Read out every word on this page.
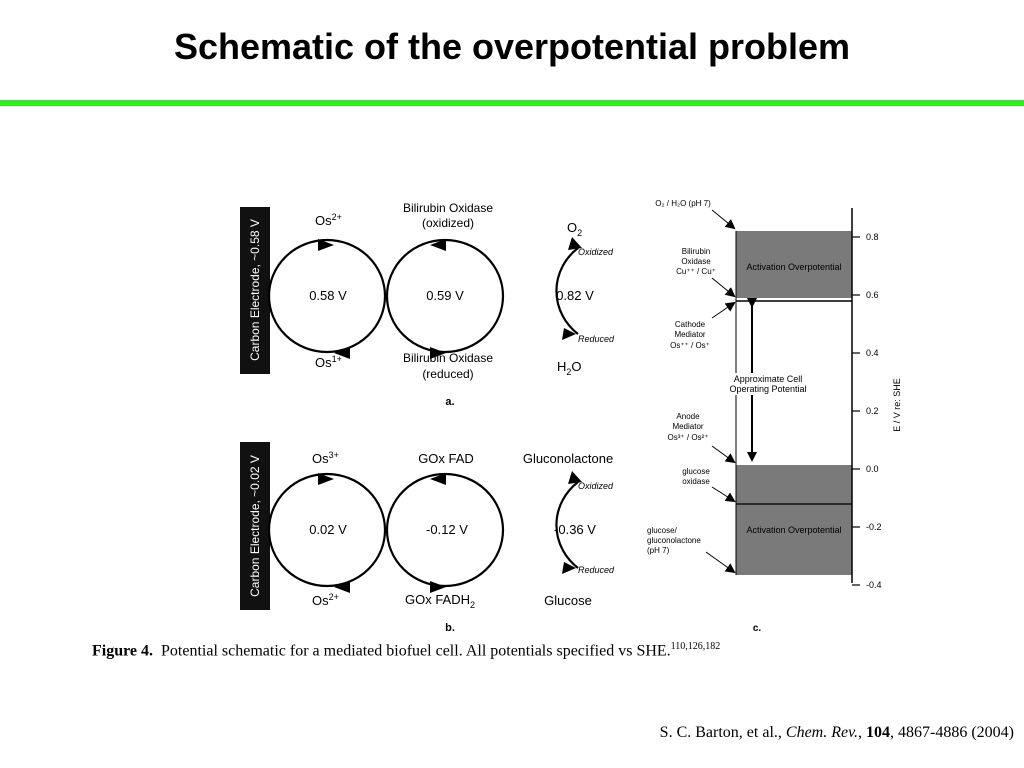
Schematic of the overpotential problem
Carbon Electrode, ~0.58 V	$Os^{2+}$
$Os^{1+}$
Bilirubin Oxidase
(oxidized)
Bilirubin Oxidase
(reduced)
$O_2$
$H_2O$
Oxidized
Reduced
0.58 V	0.59 V	0.82 V
a.
Carbon Electrode, ~0.02 V	$Os^{3+}$
$Os^{2+}$
GOx FAD
GOx $FADH_2$
Gluconolactone
Glucose
Oxidized
Reduced
0.02 V	-0.12 V	-0.36 V
b.
Activation Overpotential
Activation Overpotential
Approximate Cell
Operating Potential
0.8
0.6
0.4
0.2
0.0
-0.2
-0.4
E / V re: SHE
O₂ / H₂O (pH 7)
Bilirubin
Oxidase
Cu⁺⁺ / Cu⁺
Cathode
Mediator
Os⁺⁺ / Os⁺
Anode
Mediator
Os³⁺ / Os²⁺
glucose
oxidase
glucose/
gluconolactone
(pH 7)
c.
Figure 4. Potential schematic for a mediated biofuel cell. All potentials specified vs SHE.$^{110,126,182}$
S. C. Barton, et al., Chem. Rev., 104, 4867-4886 (2004)
